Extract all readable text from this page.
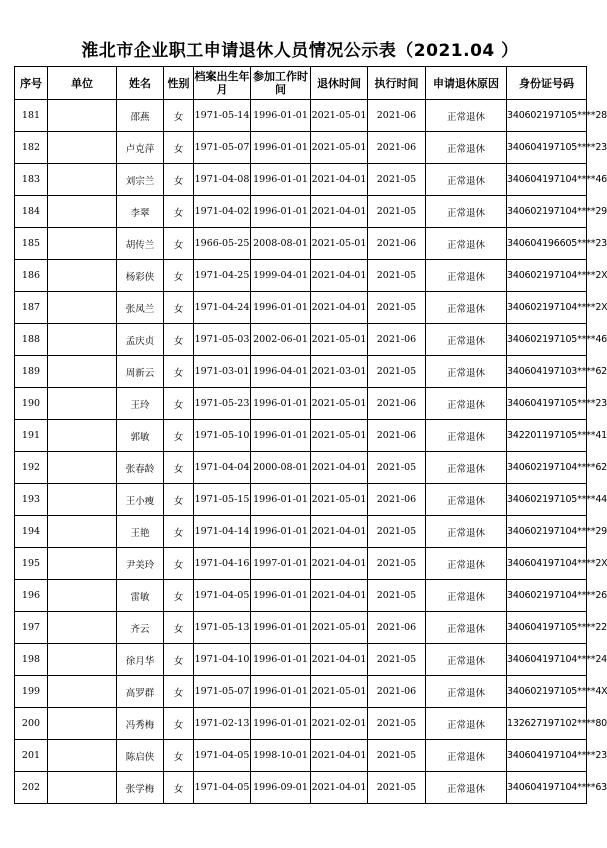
淮北市企业职工申请退休人员情况公示表（2021.04 ）
序号	单位	姓名	性别	档案出生年月	参加工作时间	退休时间	执行时间	申请退休原因	身份证号码
181		邵燕	女	1971-05-14	1996-01-01	2021-05-01	2021-06	正常退休	340602197105****28
182		卢克萍	女	1971-05-07	1996-01-01	2021-05-01	2021-06	正常退休	340604197105****23
183		刘宗兰	女	1971-04-08	1996-01-01	2021-04-01	2021-05	正常退休	340604197104****46
184		李翠	女	1971-04-02	1996-01-01	2021-04-01	2021-05	正常退休	340602197104****29
185		胡传兰	女	1966-05-25	2008-08-01	2021-05-01	2021-06	正常退休	340604196605****23
186		杨彩侠	女	1971-04-25	1999-04-01	2021-04-01	2021-05	正常退休	340602197104****2X
187		张凤兰	女	1971-04-24	1996-01-01	2021-04-01	2021-05	正常退休	340602197104****2X
188		孟庆贞	女	1971-05-03	2002-06-01	2021-05-01	2021-06	正常退休	340602197105****46
189		周新云	女	1971-03-01	1996-04-01	2021-03-01	2021-05	正常退休	340604197103****62
190		王玲	女	1971-05-23	1996-01-01	2021-05-01	2021-06	正常退休	340604197105****23
191		郭敏	女	1971-05-10	1996-01-01	2021-05-01	2021-06	正常退休	342201197105****41
192		张春龄	女	1971-04-04	2000-08-01	2021-04-01	2021-05	正常退休	340602197104****62
193		王小瘦	女	1971-05-15	1996-01-01	2021-05-01	2021-06	正常退休	340602197105****44
194		王艳	女	1971-04-14	1996-01-01	2021-04-01	2021-05	正常退休	340602197104****29
195		尹美玲	女	1971-04-16	1997-01-01	2021-04-01	2021-05	正常退休	340604197104****2X
196		雷敏	女	1971-04-05	1996-01-01	2021-04-01	2021-05	正常退休	340602197104****26
197		齐云	女	1971-05-13	1996-01-01	2021-05-01	2021-06	正常退休	340604197105****22
198		徐月华	女	1971-04-10	1996-01-01	2021-04-01	2021-05	正常退休	340604197104****24
199		高罗群	女	1971-05-07	1996-01-01	2021-05-01	2021-06	正常退休	340602197105****4X
200		冯秀梅	女	1971-02-13	1996-01-01	2021-02-01	2021-05	正常退休	132627197102****80
201		陈启侠	女	1971-04-05	1998-10-01	2021-04-01	2021-05	正常退休	340604197104****23
202		张学梅	女	1971-04-05	1996-09-01	2021-04-01	2021-05	正常退休	340604197104****63
